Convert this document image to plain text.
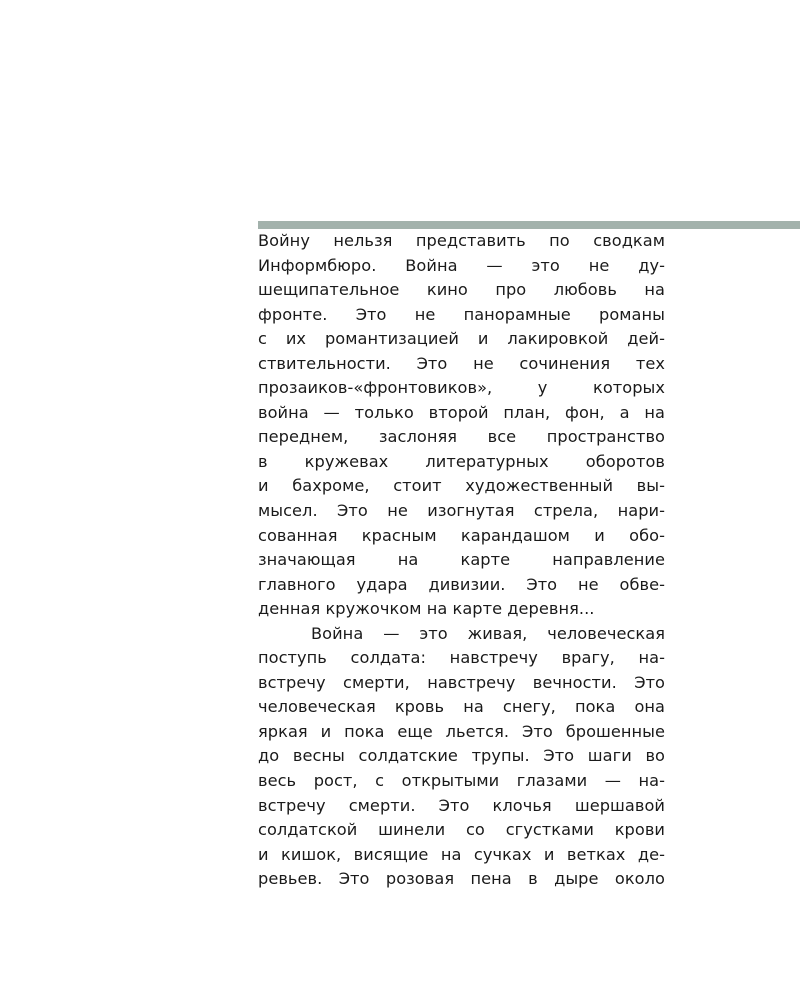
Войну нельзя представить по сводкам
Информбюро. Война — это не ду-
шещипательное кино про любовь на
фронте. Это не панорамные романы
с их романтизацией и лакировкой дей-
ствительности. Это не сочинения тех
прозаиков-«фронтовиков», у которых
война — только второй план, фон, а на
переднем, заслоняя все пространство
в кружевах литературных оборотов
и бахроме, стоит художественный вы-
мысел. Это не изогнутая стрела, нари-
сованная красным карандашом и обо-
значающая на карте направление
главного удара дивизии. Это не обве-
денная кружочком на карте деревня...
Война — это живая, человеческая
поступь солдата: навстречу врагу, на-
встречу смерти, навстречу вечности. Это
человеческая кровь на снегу, пока она
яркая и пока еще льется. Это брошенные
до весны солдатские трупы. Это шаги во
весь рост, с открытыми глазами — на-
встречу смерти. Это клочья шершавой
солдатской шинели со сгустками крови
и кишок, висящие на сучках и ветках де-
ревьев. Это розовая пена в дыре около
